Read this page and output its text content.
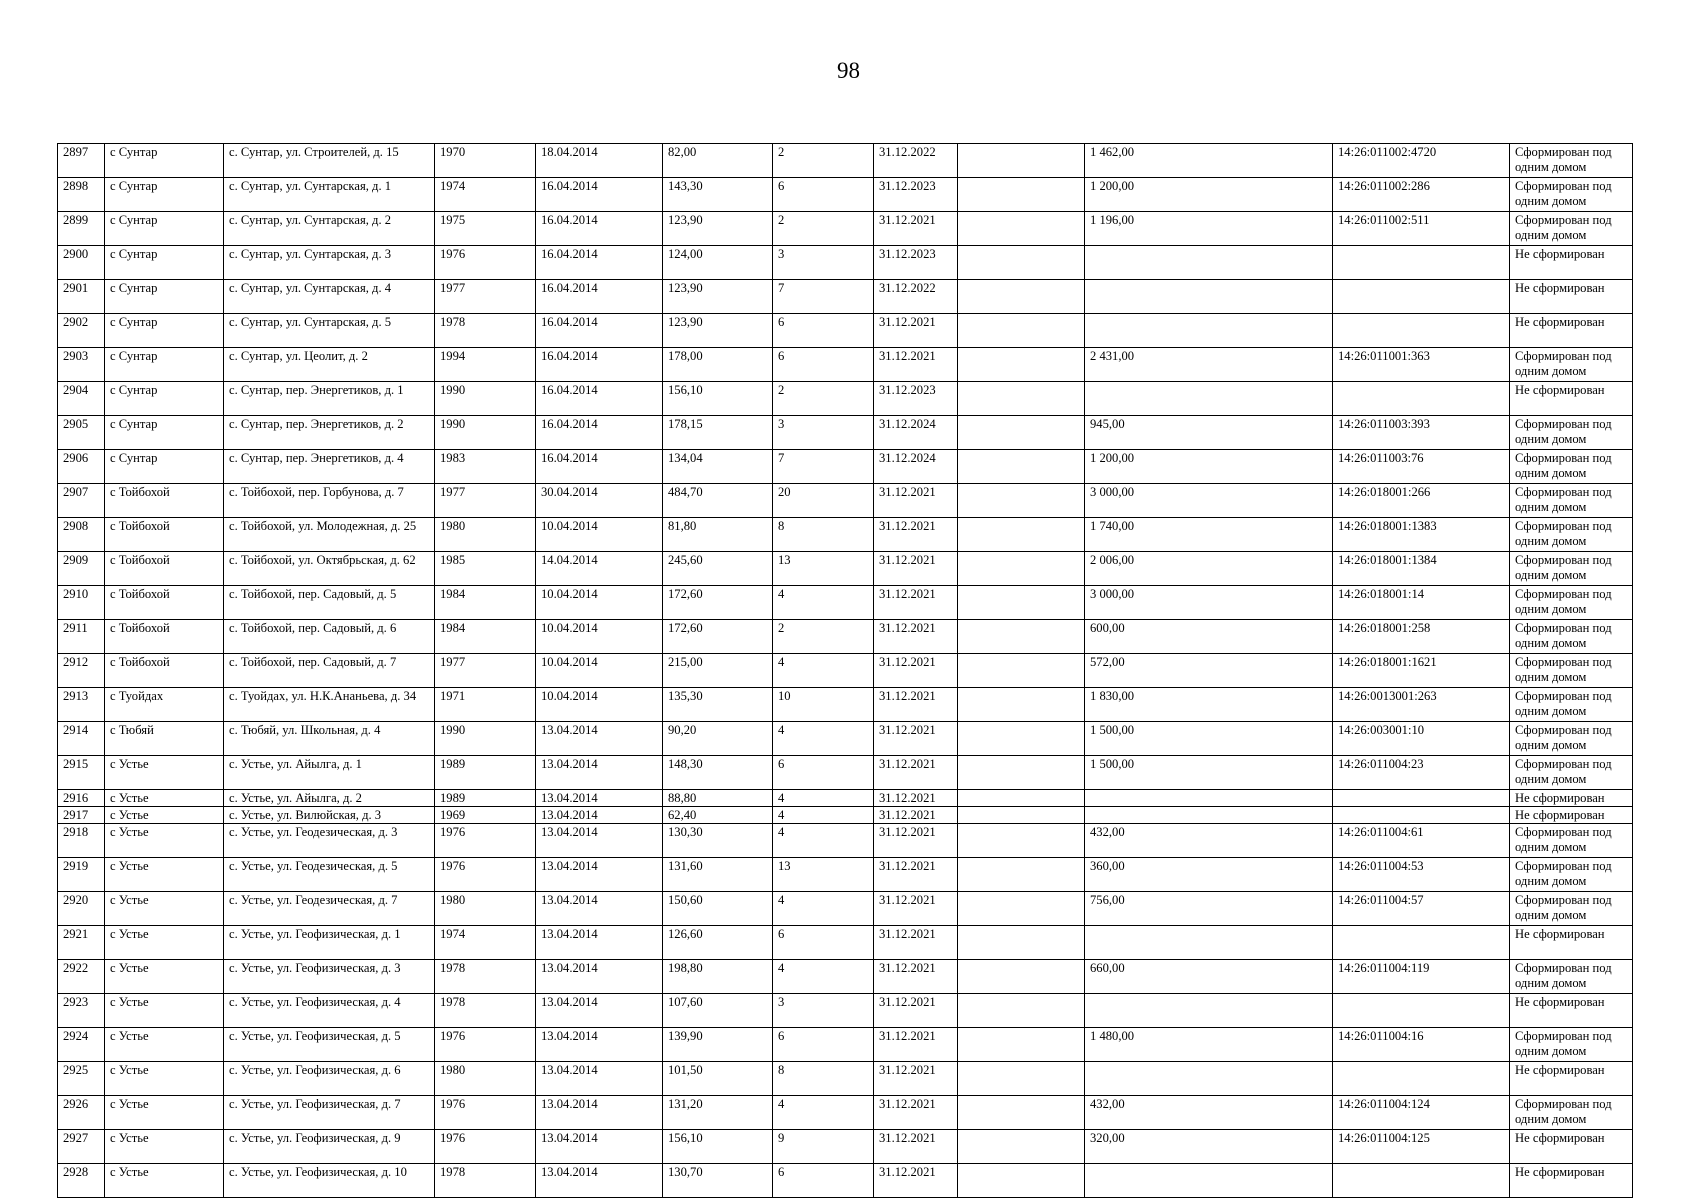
98
2897	с Сунтар	с. Сунтар, ул. Строителей, д. 15	1970	18.04.2014	82,00	2	31.12.2022		1 462,00	14:26:011002:4720	Сформирован под одним домом
2898	с Сунтар	с. Сунтар, ул. Сунтарская, д. 1	1974	16.04.2014	143,30	6	31.12.2023		1 200,00	14:26:011002:286	Сформирован под одним домом
2899	с Сунтар	с. Сунтар, ул. Сунтарская, д. 2	1975	16.04.2014	123,90	2	31.12.2021		1 196,00	14:26:011002:511	Сформирован под одним домом
2900	с Сунтар	с. Сунтар, ул. Сунтарская, д. 3	1976	16.04.2014	124,00	3	31.12.2023				Не сформирован
2901	с Сунтар	с. Сунтар, ул. Сунтарская, д. 4	1977	16.04.2014	123,90	7	31.12.2022				Не сформирован
2902	с Сунтар	с. Сунтар, ул. Сунтарская, д. 5	1978	16.04.2014	123,90	6	31.12.2021				Не сформирован
2903	с Сунтар	с. Сунтар, ул. Цеолит, д. 2	1994	16.04.2014	178,00	6	31.12.2021		2 431,00	14:26:011001:363	Сформирован под одним домом
2904	с Сунтар	с. Сунтар, пер. Энергетиков, д. 1	1990	16.04.2014	156,10	2	31.12.2023				Не сформирован
2905	с Сунтар	с. Сунтар, пер. Энергетиков, д. 2	1990	16.04.2014	178,15	3	31.12.2024		945,00	14:26:011003:393	Сформирован под одним домом
2906	с Сунтар	с. Сунтар, пер. Энергетиков, д. 4	1983	16.04.2014	134,04	7	31.12.2024		1 200,00	14:26:011003:76	Сформирован под одним домом
2907	с Тойбохой	с. Тойбохой, пер. Горбунова, д. 7	1977	30.04.2014	484,70	20	31.12.2021		3 000,00	14:26:018001:266	Сформирован под одним домом
2908	с Тойбохой	с. Тойбохой, ул. Молодежная, д. 25	1980	10.04.2014	81,80	8	31.12.2021		1 740,00	14:26:018001:1383	Сформирован под одним домом
2909	с Тойбохой	с. Тойбохой, ул. Октябрьская, д. 62	1985	14.04.2014	245,60	13	31.12.2021		2 006,00	14:26:018001:1384	Сформирован под одним домом
2910	с Тойбохой	с. Тойбохой, пер. Садовый, д. 5	1984	10.04.2014	172,60	4	31.12.2021		3 000,00	14:26:018001:14	Сформирован под одним домом
2911	с Тойбохой	с. Тойбохой, пер. Садовый, д. 6	1984	10.04.2014	172,60	2	31.12.2021		600,00	14:26:018001:258	Сформирован под одним домом
2912	с Тойбохой	с. Тойбохой, пер. Садовый, д. 7	1977	10.04.2014	215,00	4	31.12.2021		572,00	14:26:018001:1621	Сформирован под одним домом
2913	с Туойдах	с. Туойдах, ул. Н.К.Ананьева, д. 34	1971	10.04.2014	135,30	10	31.12.2021		1 830,00	14:26:0013001:263	Сформирован под одним домом
2914	с Тюбяй	с. Тюбяй, ул. Школьная, д. 4	1990	13.04.2014	90,20	4	31.12.2021		1 500,00	14:26:003001:10	Сформирован под одним домом
2915	с Устье	с. Устье, ул. Айылга, д. 1	1989	13.04.2014	148,30	6	31.12.2021		1 500,00	14:26:011004:23	Сформирован под одним домом
2916	с Устье	с. Устье, ул. Айылга, д. 2	1989	13.04.2014	88,80	4	31.12.2021				Не сформирован
2917	с Устье	с. Устье, ул. Вилюйская, д. 3	1969	13.04.2014	62,40	4	31.12.2021				Не сформирован
2918	с Устье	с. Устье, ул. Геодезическая, д. 3	1976	13.04.2014	130,30	4	31.12.2021		432,00	14:26:011004:61	Сформирован под одним домом
2919	с Устье	с. Устье, ул. Геодезическая, д. 5	1976	13.04.2014	131,60	13	31.12.2021		360,00	14:26:011004:53	Сформирован под одним домом
2920	с Устье	с. Устье, ул. Геодезическая, д. 7	1980	13.04.2014	150,60	4	31.12.2021		756,00	14:26:011004:57	Сформирован под одним домом
2921	с Устье	с. Устье, ул. Геофизическая, д. 1	1974	13.04.2014	126,60	6	31.12.2021				Не сформирован
2922	с Устье	с. Устье, ул. Геофизическая, д. 3	1978	13.04.2014	198,80	4	31.12.2021		660,00	14:26:011004:119	Сформирован под одним домом
2923	с Устье	с. Устье, ул. Геофизическая, д. 4	1978	13.04.2014	107,60	3	31.12.2021				Не сформирован
2924	с Устье	с. Устье, ул. Геофизическая, д. 5	1976	13.04.2014	139,90	6	31.12.2021		1 480,00	14:26:011004:16	Сформирован под одним домом
2925	с Устье	с. Устье, ул. Геофизическая, д. 6	1980	13.04.2014	101,50	8	31.12.2021				Не сформирован
2926	с Устье	с. Устье, ул. Геофизическая, д. 7	1976	13.04.2014	131,20	4	31.12.2021		432,00	14:26:011004:124	Сформирован под одним домом
2927	с Устье	с. Устье, ул. Геофизическая, д. 9	1976	13.04.2014	156,10	9	31.12.2021		320,00	14:26:011004:125	Не сформирован
2928	с Устье	с. Устье, ул. Геофизическая, д. 10	1978	13.04.2014	130,70	6	31.12.2021				Не сформирован
